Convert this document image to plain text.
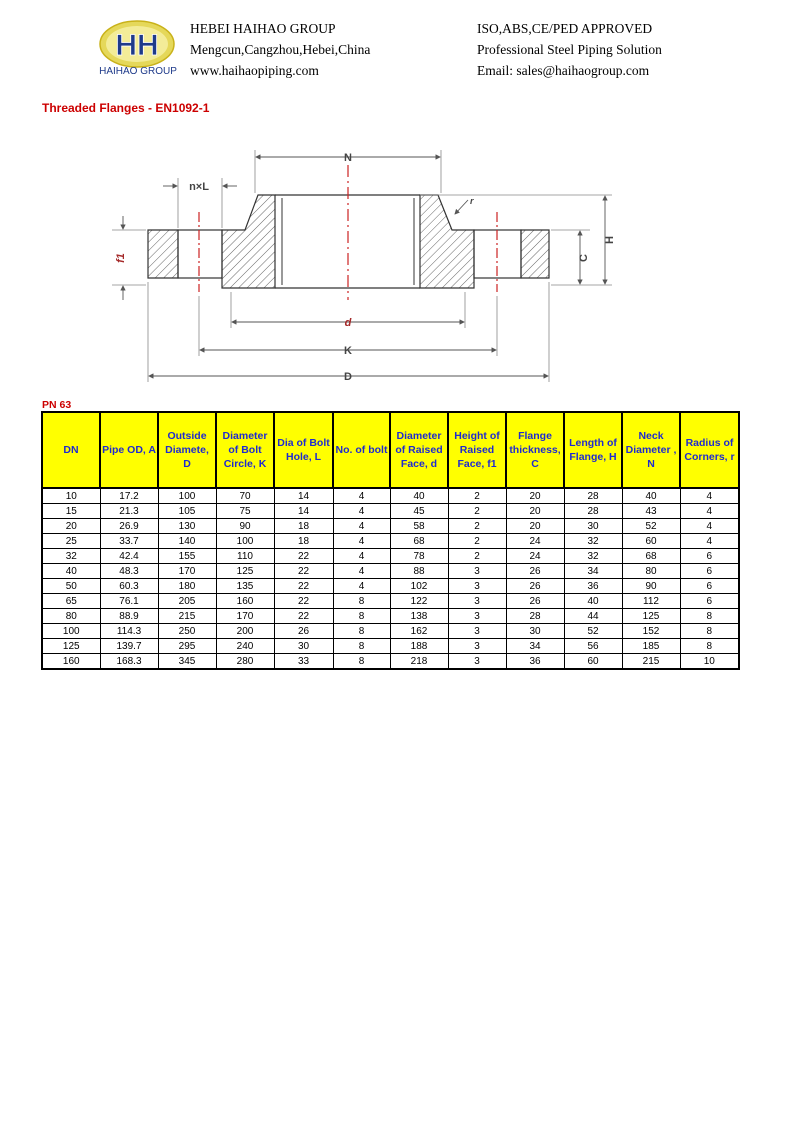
HH
HAIHAO GROUP
HEBEI HAIHAO GROUP
Mengcun,Cangzhou,Hebei,China
www.haihaopiping.com
ISO,ABS,CE/PED APPROVED
Professional Steel Piping Solution
Email: sales@haihaogroup.com
Threaded Flanges - EN1092-1
N
n×L
f1
r
H
C
d
K
D
PN 63
DN	Pipe OD, A	Outside Diamete, D	Diameter of Bolt Circle, K	Dia of Bolt Hole, L	No. of bolt	Diameter of Raised Face, d	Height of Raised Face, f1	Flange thickness, C	Length of Flange, H	Neck Diameter , N	Radius of Corners, r
10	17.2	100	70	14	4	40	2	20	28	40	4
15	21.3	105	75	14	4	45	2	20	28	43	4
20	26.9	130	90	18	4	58	2	20	30	52	4
25	33.7	140	100	18	4	68	2	24	32	60	4
32	42.4	155	110	22	4	78	2	24	32	68	6
40	48.3	170	125	22	4	88	3	26	34	80	6
50	60.3	180	135	22	4	102	3	26	36	90	6
65	76.1	205	160	22	8	122	3	26	40	112	6
80	88.9	215	170	22	8	138	3	28	44	125	8
100	114.3	250	200	26	8	162	3	30	52	152	8
125	139.7	295	240	30	8	188	3	34	56	185	8
160	168.3	345	280	33	8	218	3	36	60	215	10
